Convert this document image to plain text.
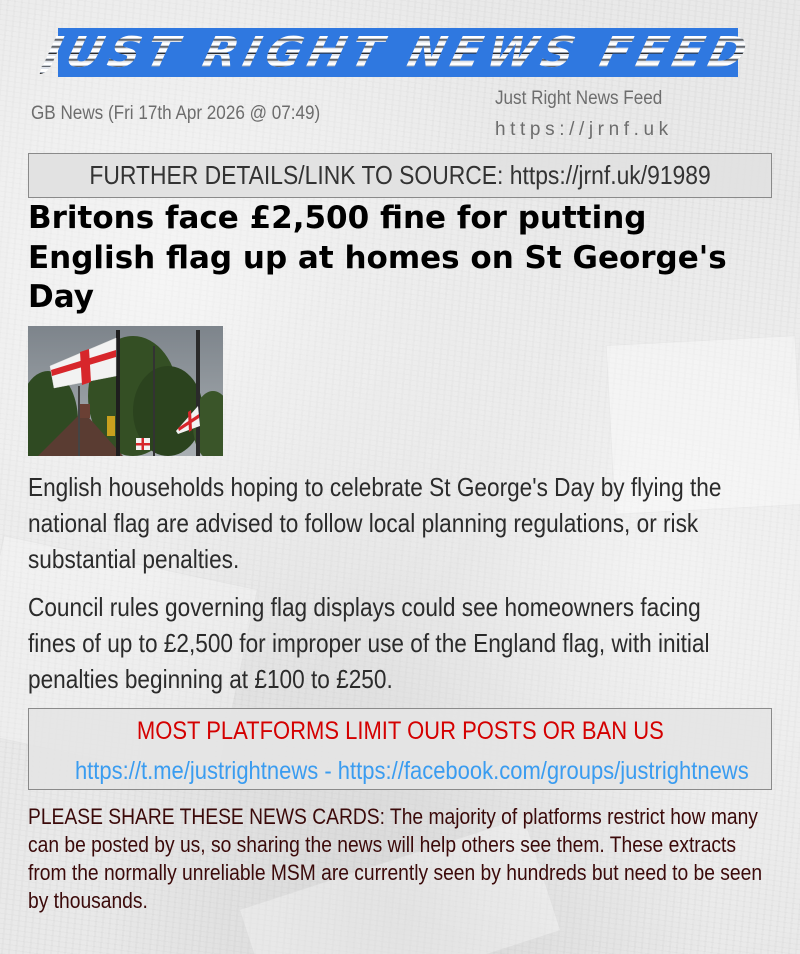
JUST RIGHT NEWS FEED
GB News (Fri 17th Apr 2026 @ 07:49)
Just Right News Feed
https://jrnf.uk
FURTHER DETAILS/LINK TO SOURCE: https://jrnf.uk/91989
Britons face £2,500 fine for putting English flag up at homes on St George's Day

English households hoping to celebrate St George's Day by flying the national flag are advised to follow local planning regulations, or risk substantial penalties.

Council rules governing flag displays could see homeowners facing fines of up to £2,500 for improper use of the England flag, with initial penalties beginning at £100 to £250.

MOST PLATFORMS LIMIT OUR POSTS OR BAN US
https://t.me/justrightnews - https://facebook.com/groups/justrightnews

PLEASE SHARE THESE NEWS CARDS: The majority of platforms restrict how many can be posted by us, so sharing the news will help others see them. These extracts from the normally unreliable MSM are currently seen by hundreds but need to be seen by thousands.
